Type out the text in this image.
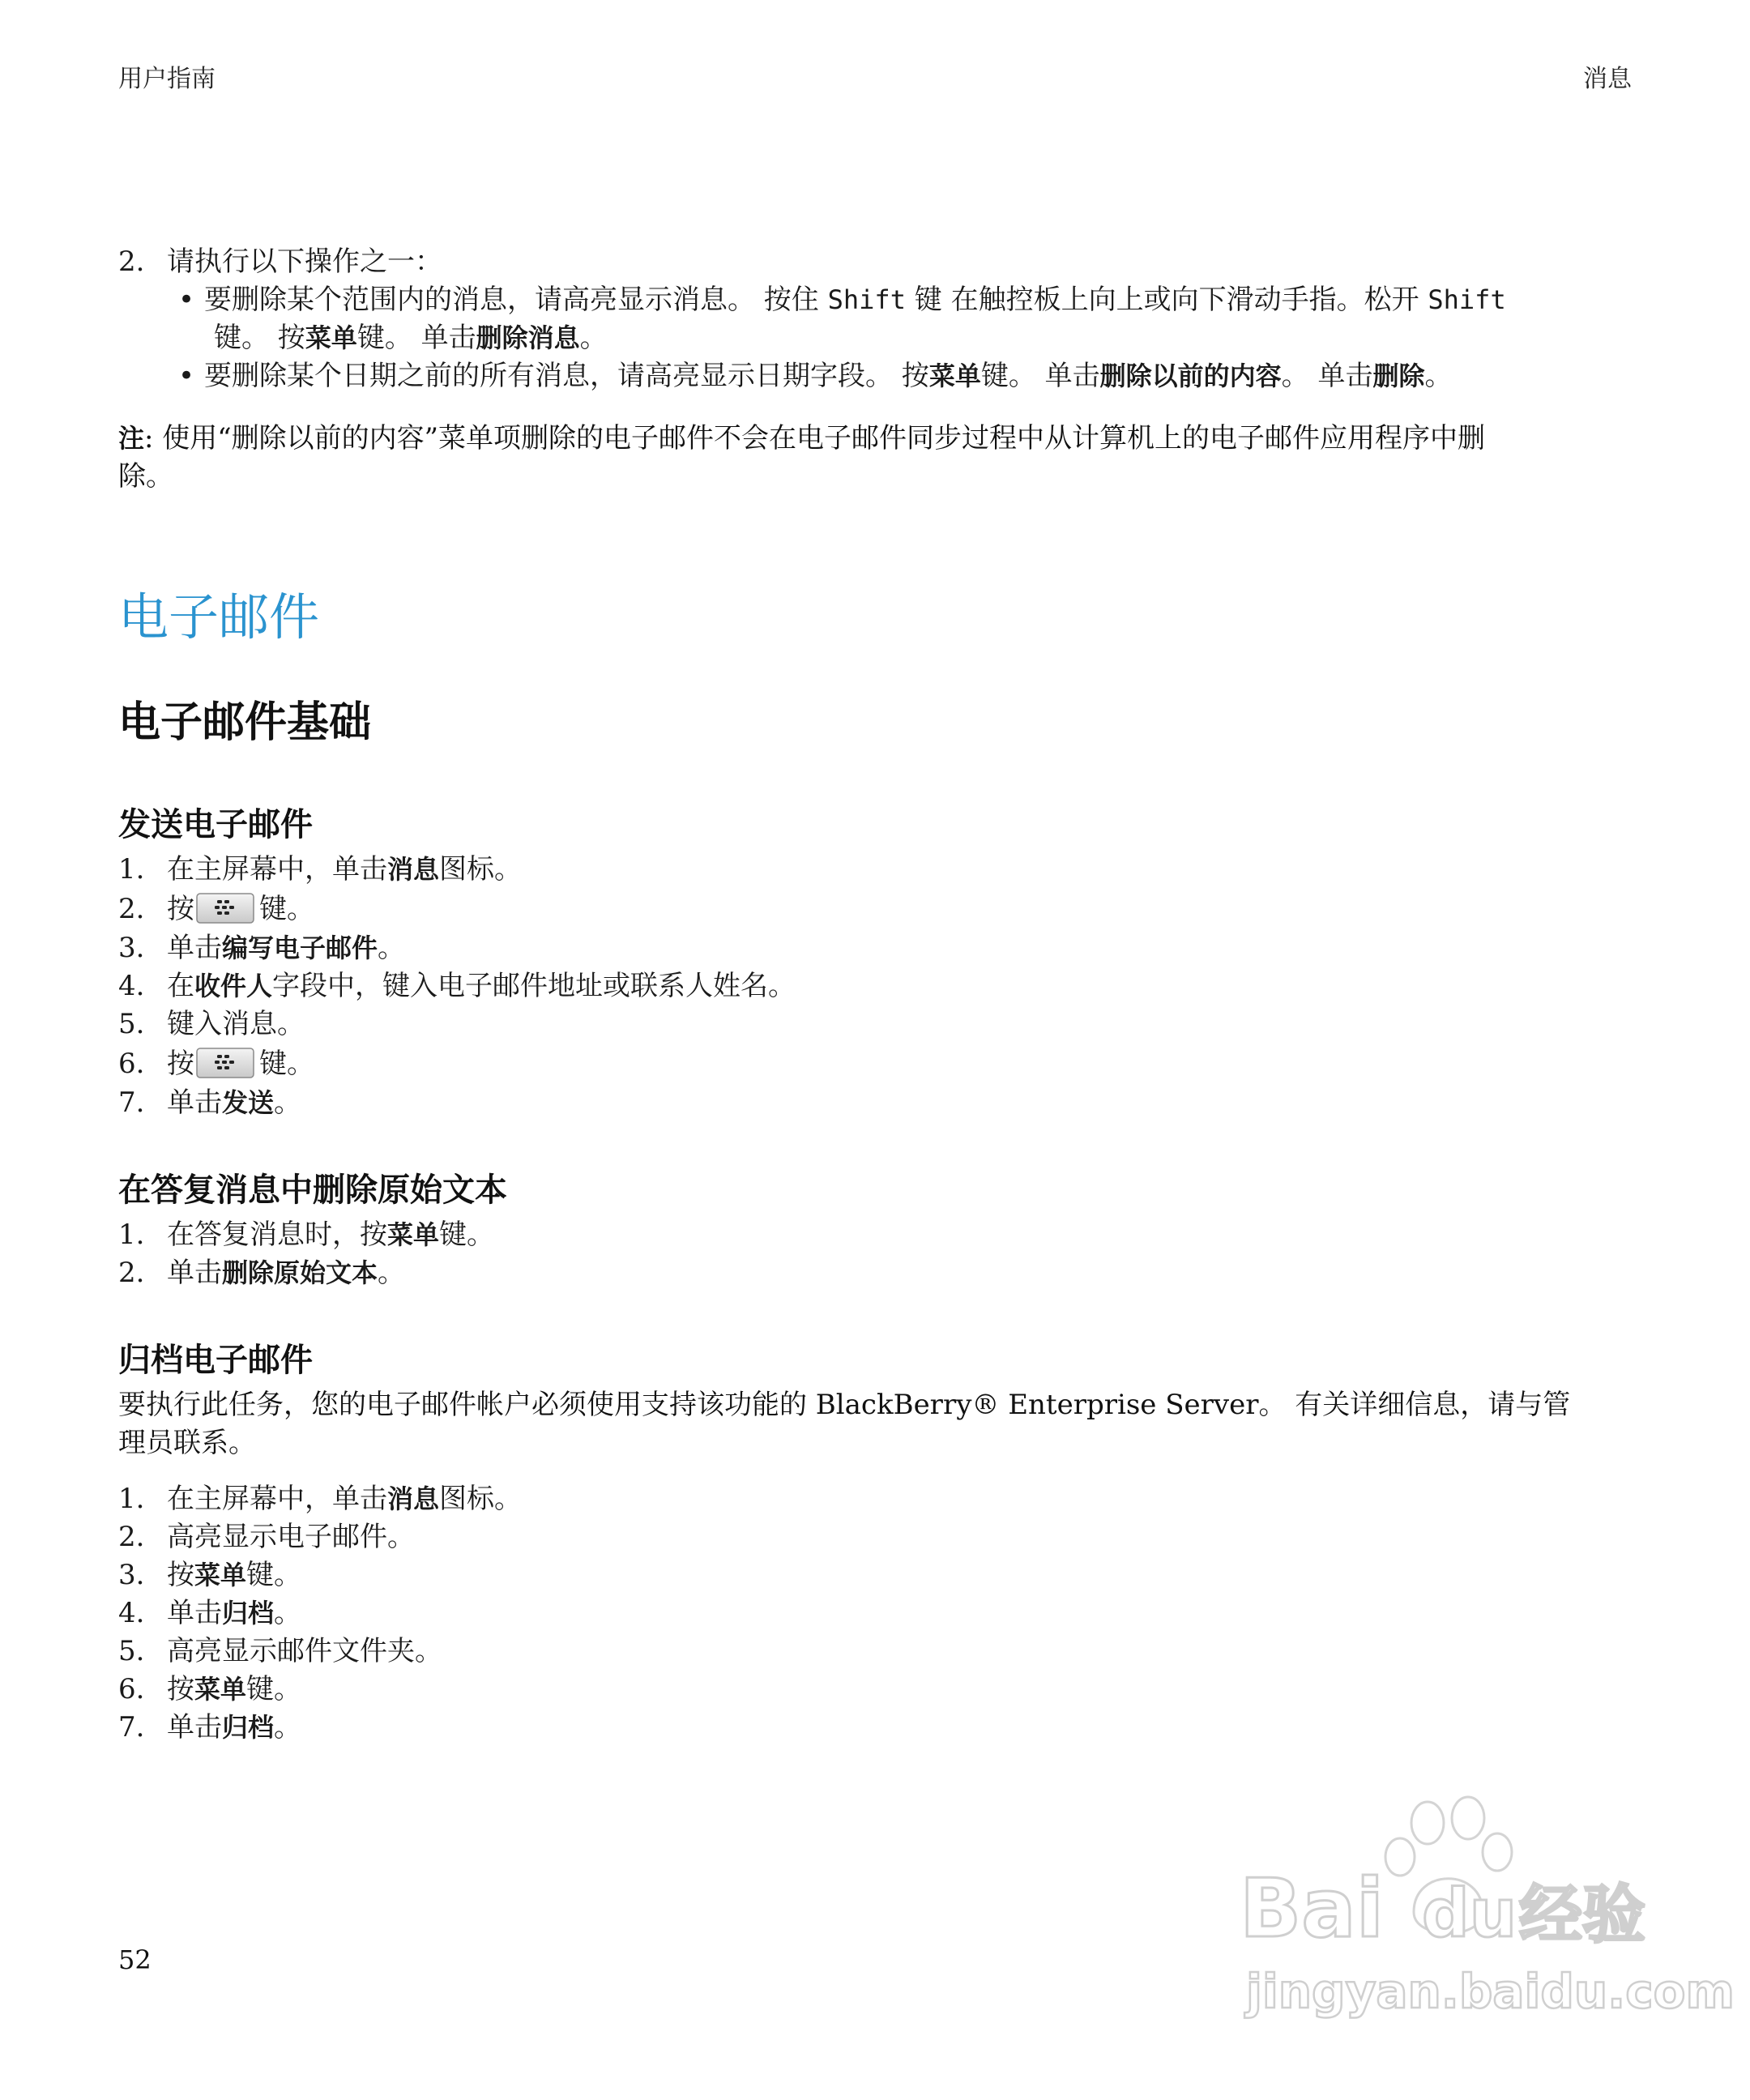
用户指南	消息
2. 请执行以下操作之一：
• 要删除某个范围内的消息，请高亮显示消息。 按住 Shift 键 在触控板上向上或向下滑动手指。松开 Shift
键。 按菜单键。 单击删除消息。
• 要删除某个日期之前的所有消息，请高亮显示日期字段。 按菜单键。 单击删除以前的内容。 单击删除。
注: 使用“删除以前的内容”菜单项删除的电子邮件不会在电子邮件同步过程中从计算机上的电子邮件应用程序中删
除。
电子邮件
电子邮件基础
发送电子邮件
1. 在主屏幕中，单击消息图标。
2. 按 键。
3. 单击编写电子邮件。
4. 在收件人字段中，键入电子邮件地址或联系人姓名。
5. 键入消息。
6. 按 键。
7. 单击发送。
在答复消息中删除原始文本
1. 在答复消息时，按菜单键。
2. 单击删除原始文本。
归档电子邮件
要执行此任务，您的电子邮件帐户必须使用支持该功能的 BlackBerry® Enterprise Server。 有关详细信息，请与管
理员联系。
1. 在主屏幕中，单击消息图标。
2. 高亮显示电子邮件。
3. 按菜单键。
4. 单击归档。
5. 高亮显示邮件文件夹。
6. 按菜单键。
7. 单击归档。
52
Bai du 经验
jingyan.baidu.com
